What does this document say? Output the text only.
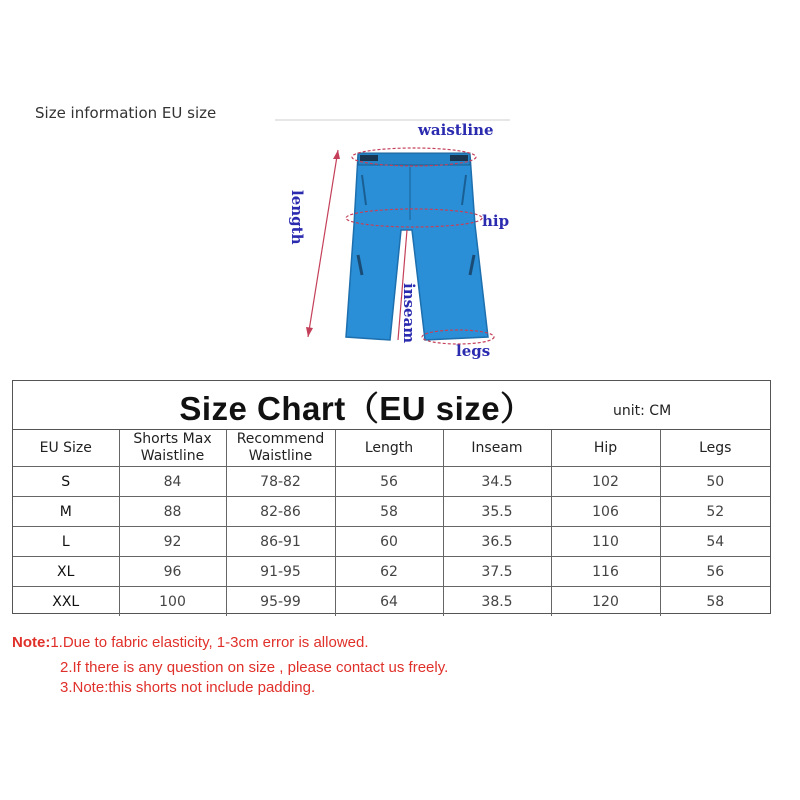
Size information EU size
waistline
hip
length
inseam
legs
Size Chart（EU size）	unit: CM
EU Size	Shorts Max Waistline	Recommend Waistline	Length	Inseam	Hip	Legs
S	84	78-82	56	34.5	102	50
M	88	82-86	58	35.5	106	52
L	92	86-91	60	36.5	110	54
XL	96	91-95	62	37.5	116	56
XXL	100	95-99	64	38.5	120	58
Note:1.Due to fabric elasticity, 1-3cm error is allowed.
2.If there is any question on size , please contact us freely.
3.Note:this shorts not include padding.
